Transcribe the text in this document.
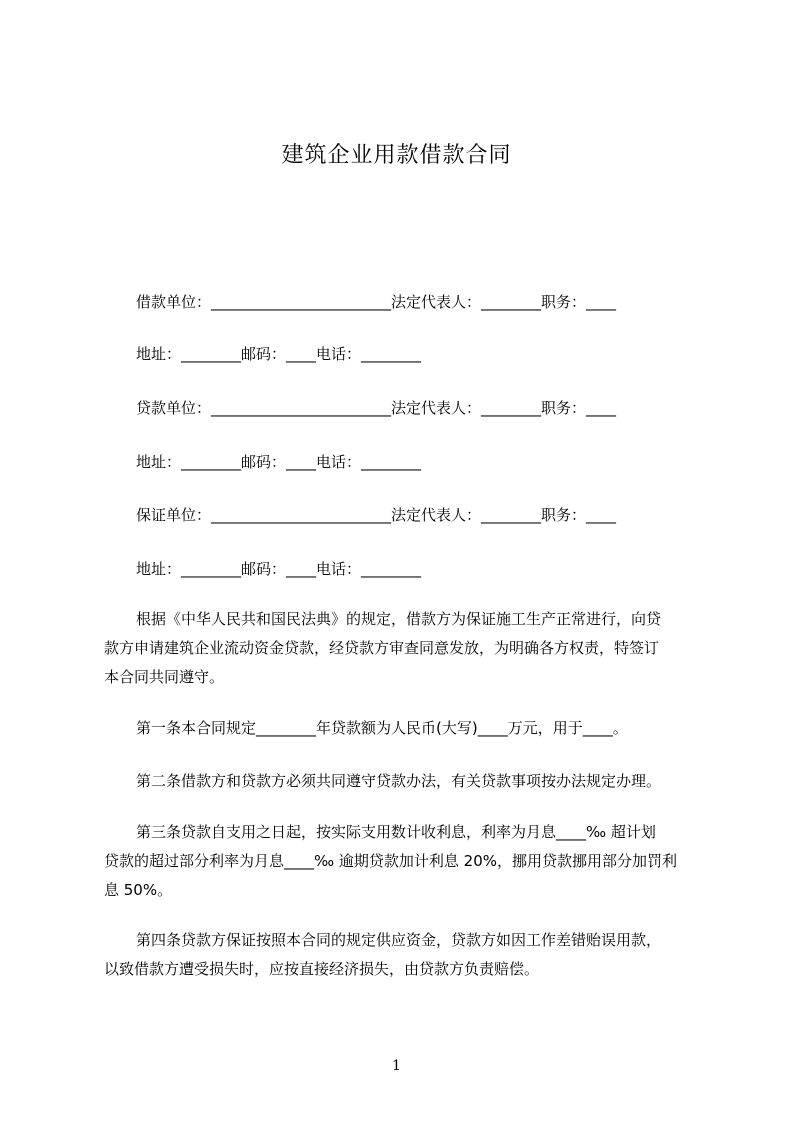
建筑企业用款借款合同
借款单位：________________________法定代表人：________职务：____
地址：________邮码：____电话：________
贷款单位：________________________法定代表人：________职务：____
地址：________邮码：____电话：________
保证单位：________________________法定代表人：________职务：____
地址：________邮码：____电话：________
根据《中华人民共和国民法典》的规定，借款方为保证施工生产正常进行，向贷
款方申请建筑企业流动资金贷款，经贷款方审查同意发放，为明确各方权责，特签订
本合同共同遵守。
第一条本合同规定________年贷款额为人民币(大写)____万元，用于____。
第二条借款方和贷款方必须共同遵守贷款办法，有关贷款事项按办法规定办理。
第三条贷款自支用之日起，按实际支用数计收利息，利率为月息____‰ 超计划
贷款的超过部分利率为月息____‰ 逾期贷款加计利息 20%，挪用贷款挪用部分加罚利
息 50%。
第四条贷款方保证按照本合同的规定供应资金，贷款方如因工作差错贻误用款，
以致借款方遭受损失时，应按直接经济损失，由贷款方负责赔偿。
1
